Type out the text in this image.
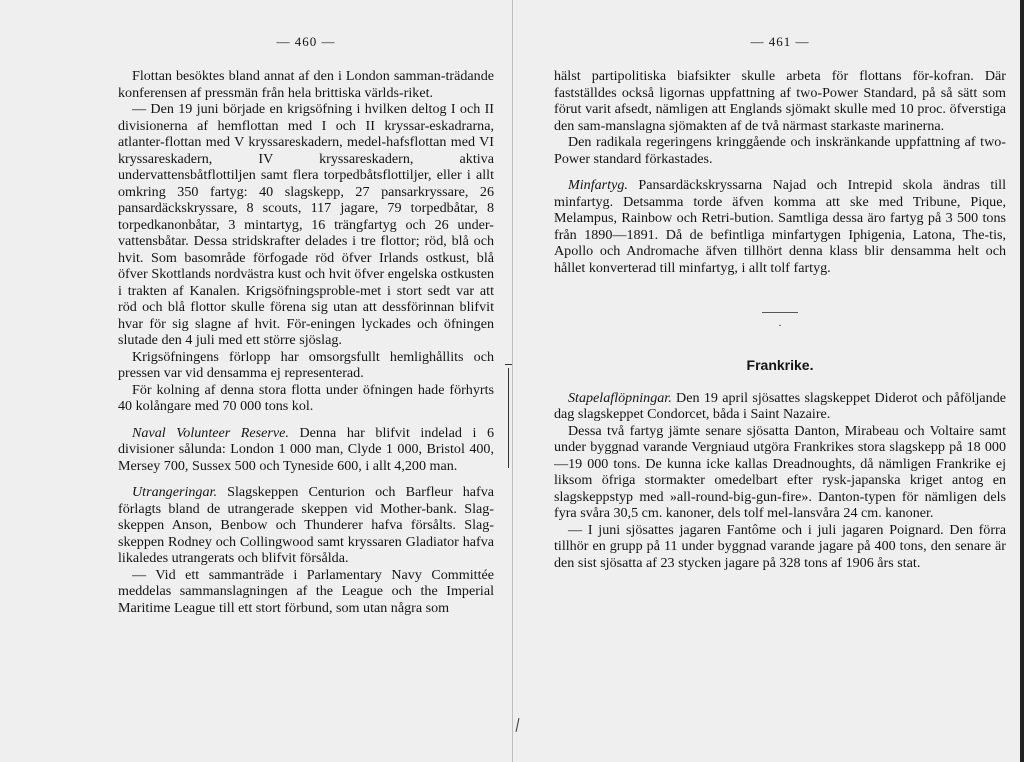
— 460 —

Flottan besöktes bland annat af den i London samman-trädande konferensen af pressmän från hela brittiska världs-riket.

— Den 19 juni började en krigsöfning i hvilken deltog I och II divisionerna af hemflottan med I och II kryssar-eskadrarna, atlanter-flottan med V kryssareskadern, medel-hafsflottan med VI kryssareskadern, IV kryssareskadern, aktiva undervattensbåtflottiljen samt flera torpedbåtsflottiljer, eller i allt omkring 350 fartyg: 40 slagskepp, 27 pansarkryssare, 26 pansardäckskryssare, 8 scouts, 117 jagare, 79 torpedbåtar, 8 torpedkanonbåtar, 3 mintartyg, 16 trängfartyg och 26 under-vattensbåtar. Dessa stridskrafter delades i tre flottor; röd, blå och hvit. Som basområde förfogade röd öfver Irlands ostkust, blå öfver Skottlands nordvästra kust och hvit öfver engelska ostkusten i trakten af Kanalen. Krigsöfningsproble-met i stort sedt var att röd och blå flottor skulle förena sig utan att dessförinnan blifvit hvar för sig slagne af hvit. För-eningen lyckades och öfningen slutade den 4 juli med ett större sjöslag.

Krigsöfningens förlopp har omsorgsfullt hemlighållits och pressen var vid densamma ej representerad.

För kolning af denna stora flotta under öfningen hade förhyrts 40 kolångare med 70 000 tons kol.

Naval Volunteer Reserve. Denna har blifvit indelad i 6 divisioner sålunda: London 1 000 man, Clyde 1 000, Bristol 400, Mersey 700, Sussex 500 och Tyneside 600, i allt 4,200 man.

Utrangeringar. Slagskeppen Centurion och Barfleur hafva förlagts bland de utrangerade skeppen vid Mother-bank. Slag-skeppen Anson, Benbow och Thunderer hafva försålts. Slag-skeppen Rodney och Collingwood samt kryssaren Gladiator hafva likaledes utrangerats och blifvit försålda.

— Vid ett sammanträde i Parlamentary Navy Committée meddelas sammanslagningen af the League och the Imperial Maritime League till ett stort förbund, som utan några som

— 461 —

hälst partipolitiska biafsikter skulle arbeta för flottans för-kofran. Där fastställdes också ligornas uppfattning af two-Power Standard, på så sätt som förut varit afsedt, nämligen att Englands sjömakt skulle med 10 proc. öfverstiga den sam-manslagna sjömakten af de två närmast starkaste marinerna.

Den radikala regeringens kringgående och inskränkande uppfattning af two-Power standard förkastades.

Minfartyg. Pansardäckskryssarna Najad och Intrepid skola ändras till minfartyg. Detsamma torde äfven komma att ske med Tribune, Pique, Melampus, Rainbow och Retri-bution. Samtliga dessa äro fartyg på 3 500 tons från 1890—1891. Då de befintliga minfartygen Iphigenia, Latona, The-tis, Apollo och Andromache äfven tillhört denna klass blir densamma helt och hållet konverterad till minfartyg, i allt tolf fartyg.

·
Frankrike.

Stapelaflöpningar. Den 19 april sjösattes slagskeppet Diderot och påföljande dag slagskeppet Condorcet, båda i Saint Nazaire.

Dessa två fartyg jämte senare sjösatta Danton, Mirabeau och Voltaire samt under byggnad varande Vergniaud utgöra Frankrikes stora slagskepp på 18 000—19 000 tons. De kunna icke kallas Dreadnoughts, då nämligen Frankrike ej liksom öfriga stormakter omedelbart efter rysk-japanska kriget antog en slagskeppstyp med »all-round-big-gun-fire». Danton-typen för nämligen dels fyra svåra 30,5 cm. kanoner, dels tolf mel-lansvåra 24 cm. kanoner.

— I juni sjösattes jagaren Fantôme och i juli jagaren Poignard. Den förra tillhör en grupp på 11 under byggnad varande jagare på 400 tons, den senare är den sist sjösatta af 23 stycken jagare på 328 tons af 1906 års stat.
